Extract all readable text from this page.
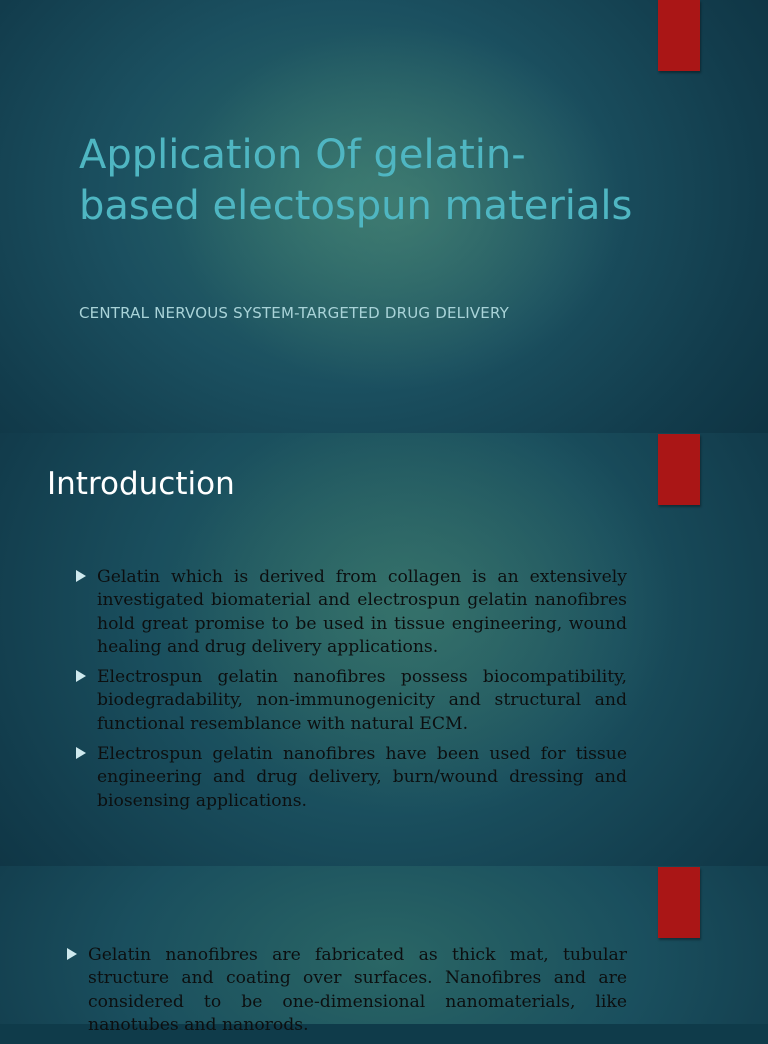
Application Of gelatin-based electospun materials

CENTRAL NERVOUS SYSTEM-TARGETED DRUG DELIVERY

Introduction
Gelatin which is derived from collagen is an extensively investigated biomaterial and electrospun gelatin nanofibres hold great promise to be used in tissue engineering, wound healing and drug delivery applications.
Electrospun gelatin nanofibres possess biocompatibility, biodegradability, non-immunogenicity and structural and functional resemblance with natural ECM.
Electrospun gelatin nanofibres have been used for tissue engineering and drug delivery, burn/wound dressing and biosensing applications.
Gelatin nanofibres are fabricated as thick mat, tubular structure and coating over surfaces. Nanofibres and are considered to be one-dimensional nanomaterials, like nanotubes and nanorods.
